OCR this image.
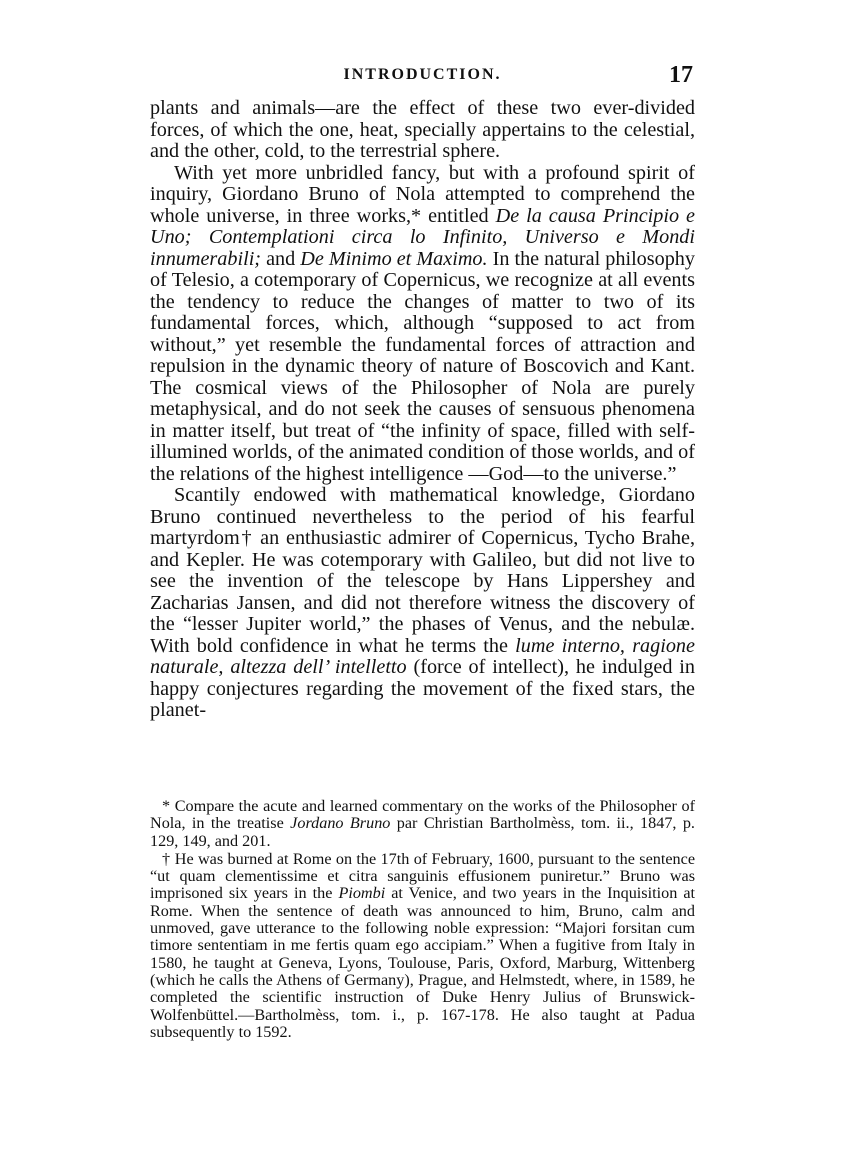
INTRODUCTION.	17

plants and animals—are the effect of these two ever-divided forces, of which the one, heat, specially appertains to the celestial, and the other, cold, to the terrestrial sphere.

With yet more unbridled fancy, but with a profound spirit of inquiry, Giordano Bruno of Nola attempted to comprehend the whole universe, in three works,* entitled De la causa Principio e Uno; Contemplationi circa lo Infinito, Universo e Mondi innumerabili; and De Minimo et Maximo. In the natural philosophy of Telesio, a cotemporary of Copernicus, we recognize at all events the tendency to reduce the changes of matter to two of its fundamental forces, which, although “supposed to act from without,” yet resemble the fundamental forces of attraction and repulsion in the dynamic theory of nature of Boscovich and Kant. The cosmical views of the Philosopher of Nola are purely metaphysical, and do not seek the causes of sensuous phenomena in matter itself, but treat of “the infinity of space, filled with self-illumined worlds, of the animated condition of those worlds, and of the relations of the highest intelligence —God—to the universe.”

Scantily endowed with mathematical knowledge, Giordano Bruno continued nevertheless to the period of his fearful martyrdom† an enthusiastic admirer of Copernicus, Tycho Brahe, and Kepler. He was cotemporary with Galileo, but did not live to see the invention of the telescope by Hans Lippershey and Zacharias Jansen, and did not therefore witness the discovery of the “lesser Jupiter world,” the phases of Venus, and the nebulæ. With bold confidence in what he terms the lume interno, ragione naturale, altezza dell’ intelletto (force of intellect), he indulged in happy conjectures regarding the movement of the fixed stars, the planet-

* Compare the acute and learned commentary on the works of the Philosopher of Nola, in the treatise Jordano Bruno par Christian Bartholmèss, tom. ii., 1847, p. 129, 149, and 201.

† He was burned at Rome on the 17th of February, 1600, pursuant to the sentence “ut quam clementissime et citra sanguinis effusionem puniretur.” Bruno was imprisoned six years in the Piombi at Venice, and two years in the Inquisition at Rome. When the sentence of death was announced to him, Bruno, calm and unmoved, gave utterance to the following noble expression: “Majori forsitan cum timore sententiam in me fertis quam ego accipiam.” When a fugitive from Italy in 1580, he taught at Geneva, Lyons, Toulouse, Paris, Oxford, Marburg, Wittenberg (which he calls the Athens of Germany), Prague, and Helmstedt, where, in 1589, he completed the scientific instruction of Duke Henry Julius of Brunswick-Wolfenbüttel.—Bartholmèss, tom. i., p. 167-178. He also taught at Padua subsequently to 1592.
